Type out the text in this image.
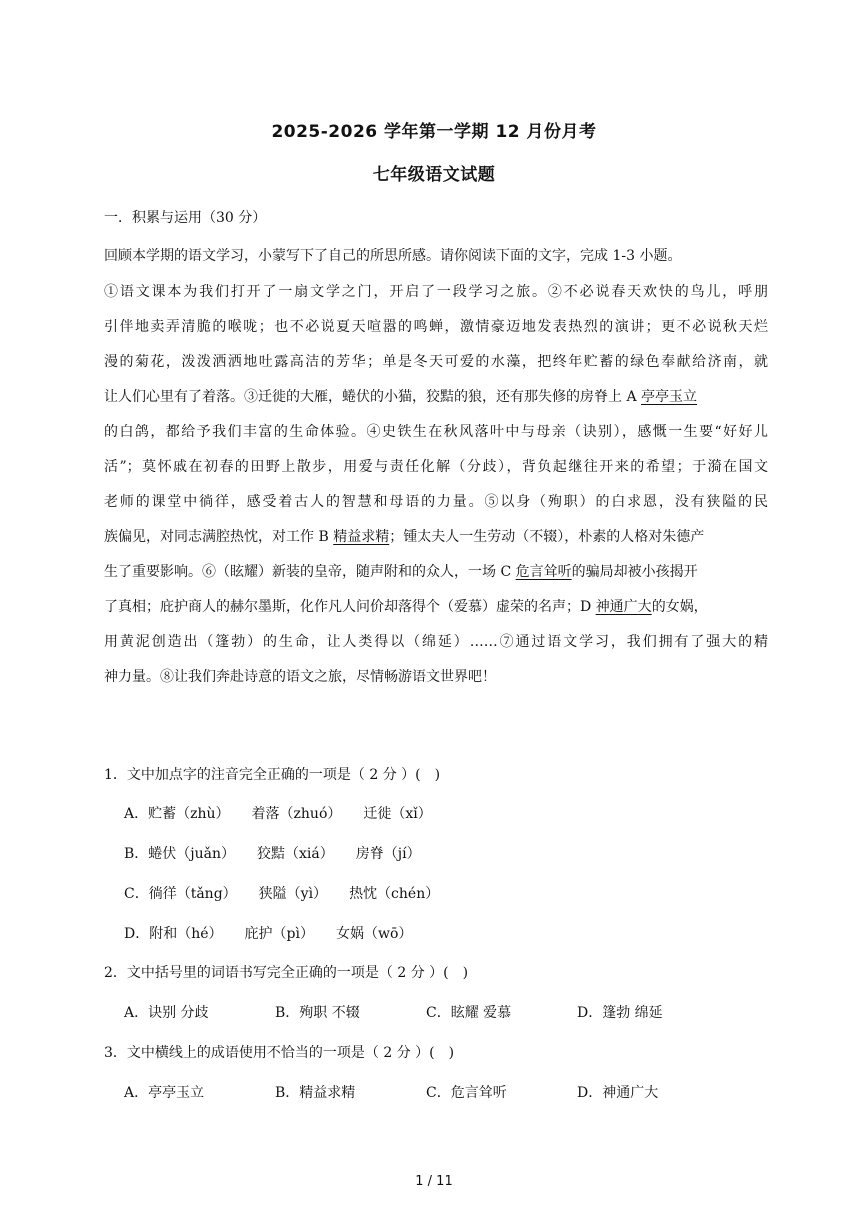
2025-2026 学年第一学期 12 月份月考
七年级语文试题
一．积累与运用（30 分）
回顾本学期的语文学习，小蒙写下了自己的所思所感。请你阅读下面的文字，完成 1-3 小题。
①语文课本为我们打开了一扇文学之门，开启了一段学习之旅。②不必说春天欢快的鸟儿，呼朋
引伴地卖弄清脆的喉咙；也不必说夏天喧嚣的鸣蝉，激情豪迈地发表热烈的演讲；更不必说秋天烂
漫的菊花，泼泼洒洒地吐露高洁的芳华；单是冬天可爱的水藻，把终年贮蓄的绿色奉献给济南，就
让人们心里有了着落。③迁徙的大雁，蜷伏的小猫，狡黠的狼，还有那失修的房脊上 A 亭亭玉立
的白鸽，都给予我们丰富的生命体验。④史铁生在秋风落叶中与母亲（诀别），感慨一生要“好好儿
活”；莫怀戚在初春的田野上散步，用爱与责任化解（分歧），背负起继往开来的希望；于漪在国文
老师的课堂中徜徉，感受着古人的智慧和母语的力量。⑤以身（殉职）的白求恩，没有狭隘的民
族偏见，对同志满腔热忱，对工作 B 精益求精；锺太夫人一生劳动（不辍），朴素的人格对朱德产
生了重要影响。⑥（眩耀）新装的皇帝，随声附和的众人，一场 C 危言耸听的骗局却被小孩揭开
了真相；庇护商人的赫尔墨斯，化作凡人问价却落得个（爱慕）虚荣的名声；D 神通广大的女娲，
用黄泥创造出（篷勃）的生命，让人类得以（绵延）……⑦通过语文学习，我们拥有了强大的精
神力量。⑧让我们奔赴诗意的语文之旅，尽情畅游语文世界吧！
1．文中加点字的注音完全正确的一项是（ 2 分 ）(　)
A．贮蓄（zhù） 着落（zhuó） 迁徙（xǐ）
B．蜷伏（juǎn） 狡黠（xiá） 房脊（jí）
C．徜徉（tǎng） 狭隘（yì） 热忱（chén）
D．附和（hé） 庇护（pì） 女娲（wō）
2．文中括号里的词语书写完全正确的一项是（ 2 分 ）(　)
A．诀别 分歧	B．殉职 不辍	C．眩耀 爱慕	D．篷勃 绵延
3．文中横线上的成语使用不恰当的一项是（ 2 分 ）(　)
A．亭亭玉立	B．精益求精	C．危言耸听	D．神通广大
1 / 11
